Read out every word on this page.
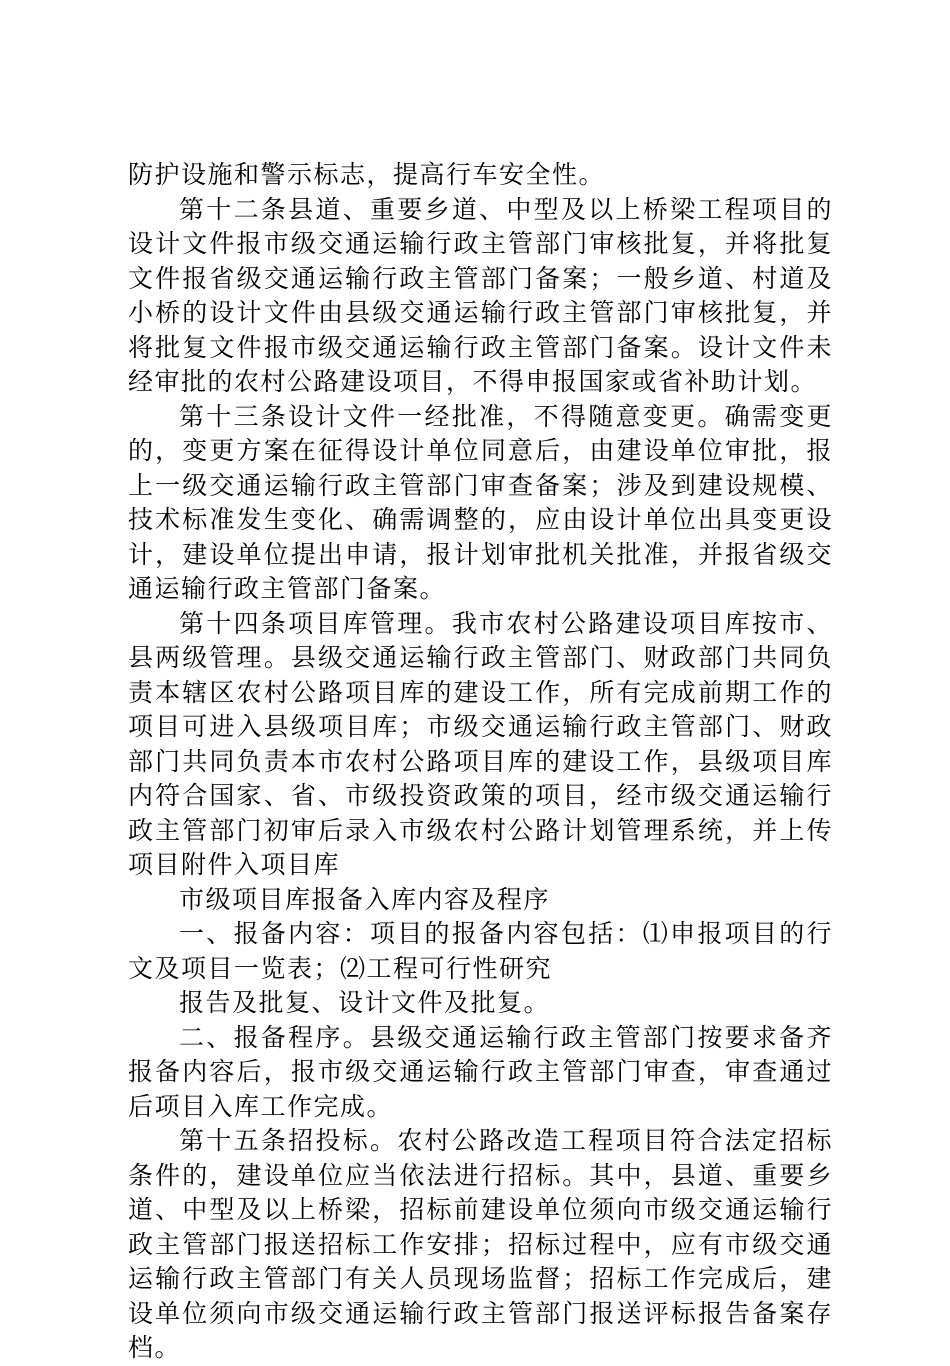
防护设施和警示标志，提高行车安全性。

第十二条县道、重要乡道、中型及以上桥梁工程项目的设计文件报市级交通运输行政主管部门审核批复，并将批复文件报省级交通运输行政主管部门备案；一般乡道、村道及小桥的设计文件由县级交通运输行政主管部门审核批复，并将批复文件报市级交通运输行政主管部门备案。设计文件未经审批的农村公路建设项目，不得申报国家或省补助计划。

第十三条设计文件一经批准，不得随意变更。确需变更的，变更方案在征得设计单位同意后，由建设单位审批，报上一级交通运输行政主管部门审查备案；涉及到建设规模、技术标准发生变化、确需调整的，应由设计单位出具变更设计，建设单位提出申请，报计划审批机关批准，并报省级交通运输行政主管部门备案。

第十四条项目库管理。我市农村公路建设项目库按市、县两级管理。县级交通运输行政主管部门、财政部门共同负责本辖区农村公路项目库的建设工作，所有完成前期工作的项目可进入县级项目库；市级交通运输行政主管部门、财政部门共同负责本市农村公路项目库的建设工作，县级项目库内符合国家、省、市级投资政策的项目，经市级交通运输行政主管部门初审后录入市级农村公路计划管理系统，并上传项目附件入项目库

市级项目库报备入库内容及程序

一、报备内容：项目的报备内容包括：⑴申报项目的行文及项目一览表；⑵工程可行性研究

报告及批复、设计文件及批复。

二、报备程序。县级交通运输行政主管部门按要求备齐报备内容后，报市级交通运输行政主管部门审查，审查通过后项目入库工作完成。

第十五条招投标。农村公路改造工程项目符合法定招标条件的，建设单位应当依法进行招标。其中，县道、重要乡道、中型及以上桥梁，招标前建设单位须向市级交通运输行政主管部门报送招标工作安排；招标过程中，应有市级交通运输行政主管部门有关人员现场监督；招标工作完成后，建设单位须向市级交通运输行政主管部门报送评标报告备案存档。
